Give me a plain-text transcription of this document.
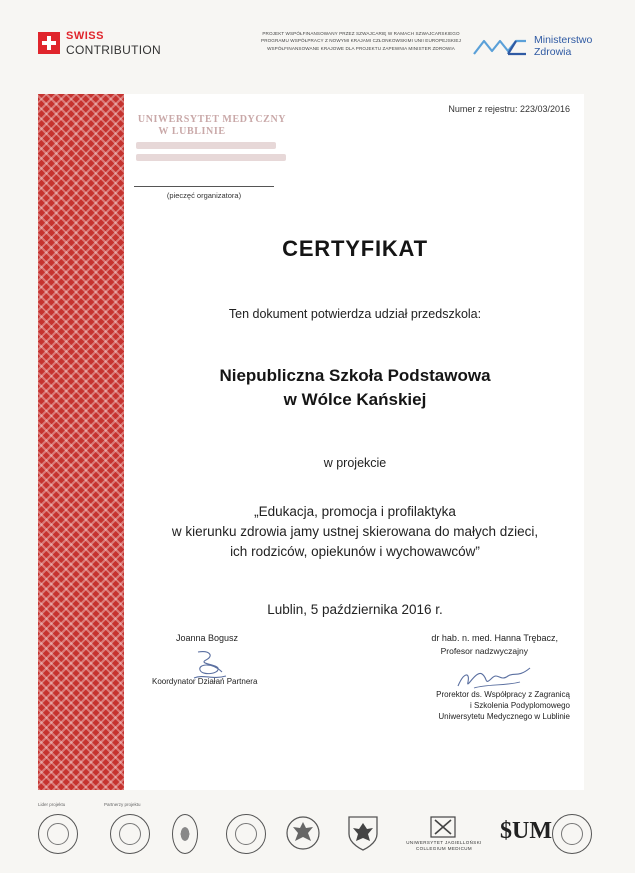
SWISS
CONTRIBUTION
PROJEKT WSPÓŁFINANSOWANY PRZEZ SZWAJCARIĘ W RAMACH SZWAJCARSKIEGO
PROGRAMU WSPÓŁPRACY Z NOWYMI KRAJAMI CZŁONKOWSKIMI UNII EUROPEJSKIEJ
WSPÓŁFINANSOWANE KRAJOWE DLA PROJEKTU ZAPEWNIA MINISTER ZDROWIA
Ministerstwo
Zdrowia
Numer z rejestru: 223/03/2016
UNIWERSYTET MEDYCZNY
W LUBLINIE
(pieczęć organizatora)
CERTYFIKAT
Ten dokument potwierdza udział przedszkola:
Niepubliczna Szkoła Podstawowa
w Wólce Kańskiej
w projekcie
„Edukacja, promocja i profilaktyka
w kierunku zdrowia jamy ustnej skierowana do małych dzieci,
ich rodziców, opiekunów i wychowawców”
Lublin, 5 października 2016 r.
Joanna Bogusz
Koordynator Działań Partnera
dr hab. n. med. Hanna Trębacz,
Profesor nadzwyczajny
Prorektor ds. Współpracy z Zagranicą
i Szkolenia Podyplomowego
Uniwersytetu Medycznego w Lublinie
Lider projektu	Partnerzy projektu
UNIWERSYTET JAGIELLOŃSKI
COLLEGIUM MEDICUM
$UM
